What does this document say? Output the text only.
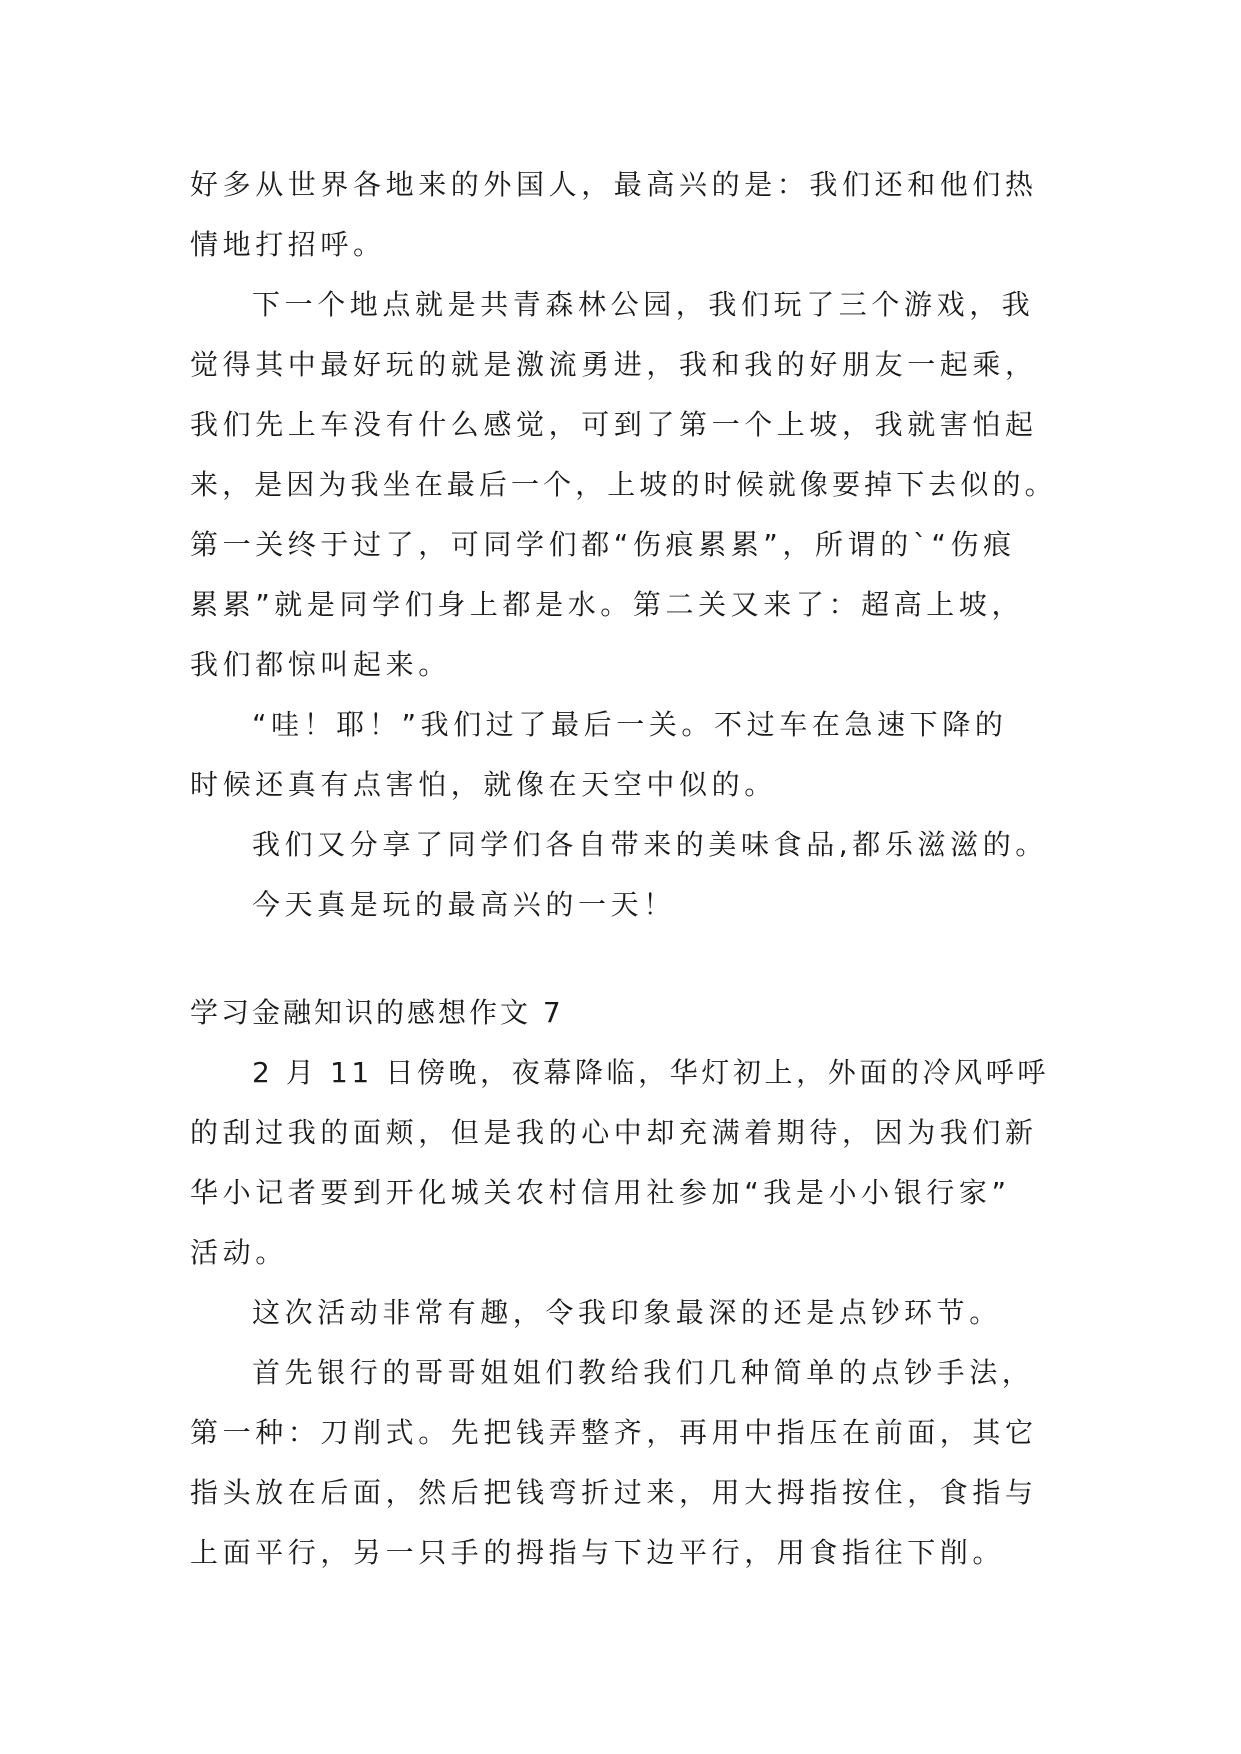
好多从世界各地来的外国人，最高兴的是：我们还和他们热

情地打招呼。

下一个地点就是共青森林公园，我们玩了三个游戏，我

觉得其中最好玩的就是激流勇进，我和我的好朋友一起乘，

我们先上车没有什么感觉，可到了第一个上坡，我就害怕起

来，是因为我坐在最后一个，上坡的时候就像要掉下去似的。

第一关终于过了，可同学们都“伤痕累累”，所谓的`“伤痕

累累”就是同学们身上都是水。第二关又来了：超高上坡，

我们都惊叫起来。

“哇！耶！”我们过了最后一关。不过车在急速下降的

时候还真有点害怕，就像在天空中似的。

我们又分享了同学们各自带来的美味食品,都乐滋滋的。

今天真是玩的最高兴的一天！

学习金融知识的感想作文 7

2 月 11 日傍晚，夜幕降临，华灯初上，外面的冷风呼呼

的刮过我的面颊，但是我的心中却充满着期待，因为我们新

华小记者要到开化城关农村信用社参加“我是小小银行家”

活动。

这次活动非常有趣，令我印象最深的还是点钞环节。

首先银行的哥哥姐姐们教给我们几种简单的点钞手法，

第一种：刀削式。先把钱弄整齐，再用中指压在前面，其它

指头放在后面，然后把钱弯折过来，用大拇指按住，食指与

上面平行，另一只手的拇指与下边平行，用食指往下削。
